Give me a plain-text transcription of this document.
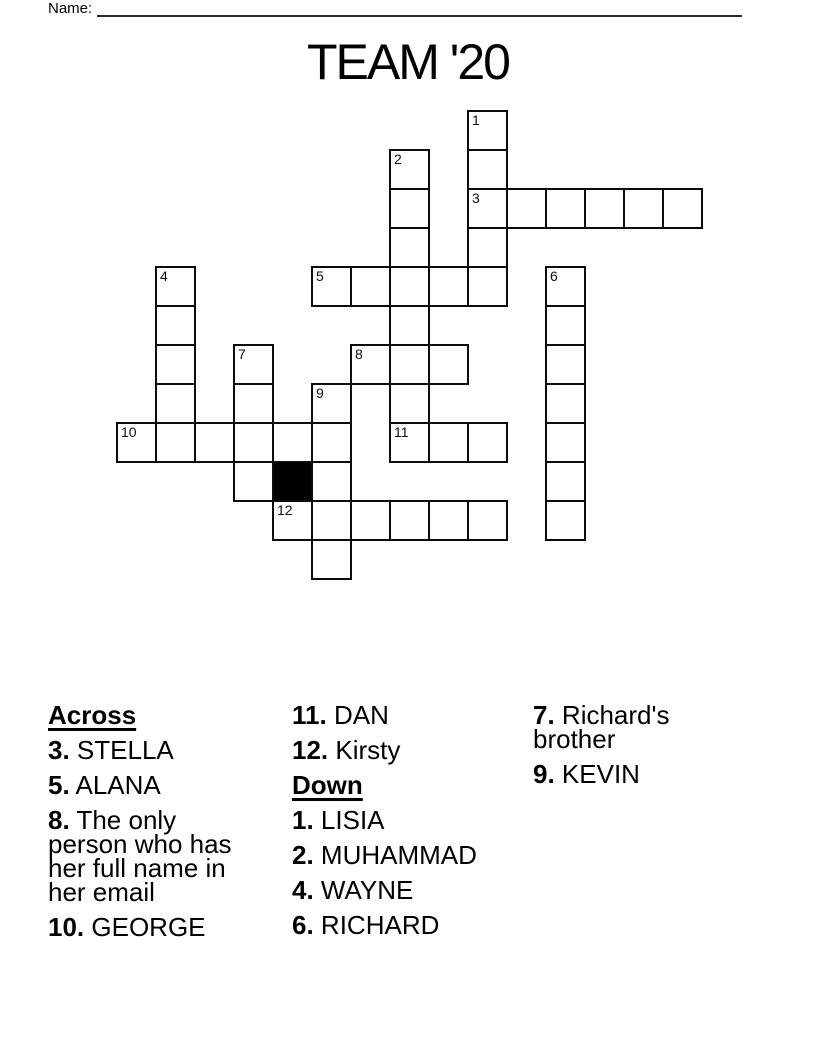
Name:
TEAM '20
1
2
3
4	5	6
7	8
9
10	11
12
Across
3. STELLA
5. ALANA
8. The only person who has her full name in her email
10. GEORGE
11. DAN
12. Kirsty
Down
1. LISIA
2. MUHAMMAD
4. WAYNE
6. RICHARD
7. Richard's brother
9. KEVIN
